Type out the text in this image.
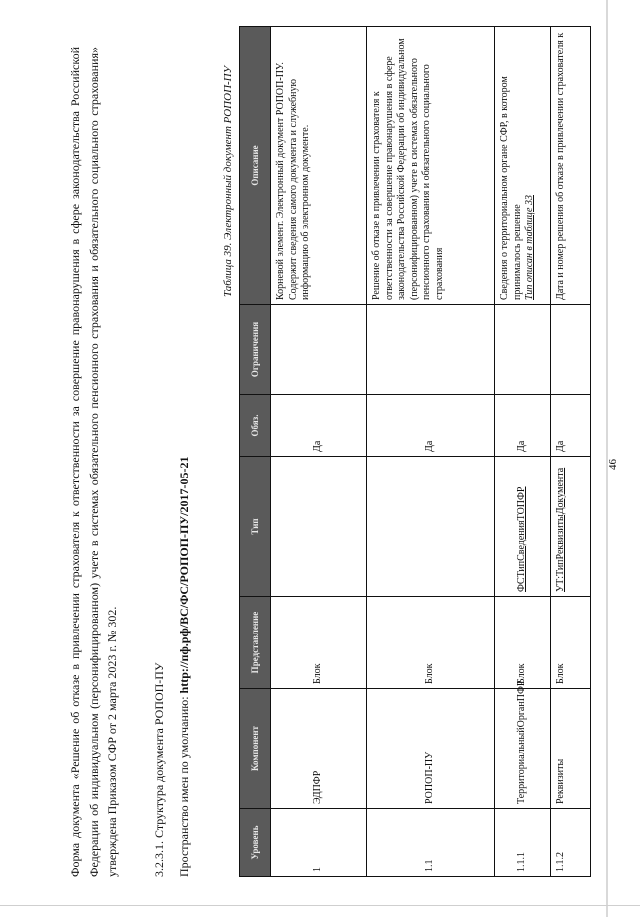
46
Форма документа «Решение об отказе в привлечении страхователя к ответственности за совершение правонарушения в сфере законодательства Российской Федерации об индивидуальном (персонифицированном) учете в системах обязательного пенсионного страхования и обязательного социального страхования» утверждена Приказом СФР от 2 марта 2023 г. № 302.	3.2.3.1. Структура документа РОПОП-ПУ Пространство имен по умолчанию: http://пф.рф/ВС/ФС/РОПОП-ПУ/2017-05-21
Таблица 39. Электронный документ РОПОП-ПУ
Уровень	Компонент	Представление	Тип	Обяз.	Ограничения	Описание
1	ЭДПФР	Блок		Да		Корневой элемент. Электронный документ РОПОП-ПУ. Содержит сведения самого документа и служебную информацию об электронном документе.
1.1	РОПОП-ПУ	Блок		Да		Решение об отказе в привлечении страхователя к ответственности за совершение правонарушения в сфере законодательства Российской Федерации об индивидуальном (персонифицированном) учете в системах обязательного пенсионного страхования и обязательного социального страхования
1.1.1	ТерриториальныйОрганПФР	Блок	ФСТипСведенияТОПФР	Да		Сведения о территориальном органе СФР, в котором принималось решение Тип описан в таблице 33
1.1.2	Реквизиты	Блок	УТ:ТипРеквизитыДокумента	Да		Дата и номер решения об отказе в привлечении страхователя к
